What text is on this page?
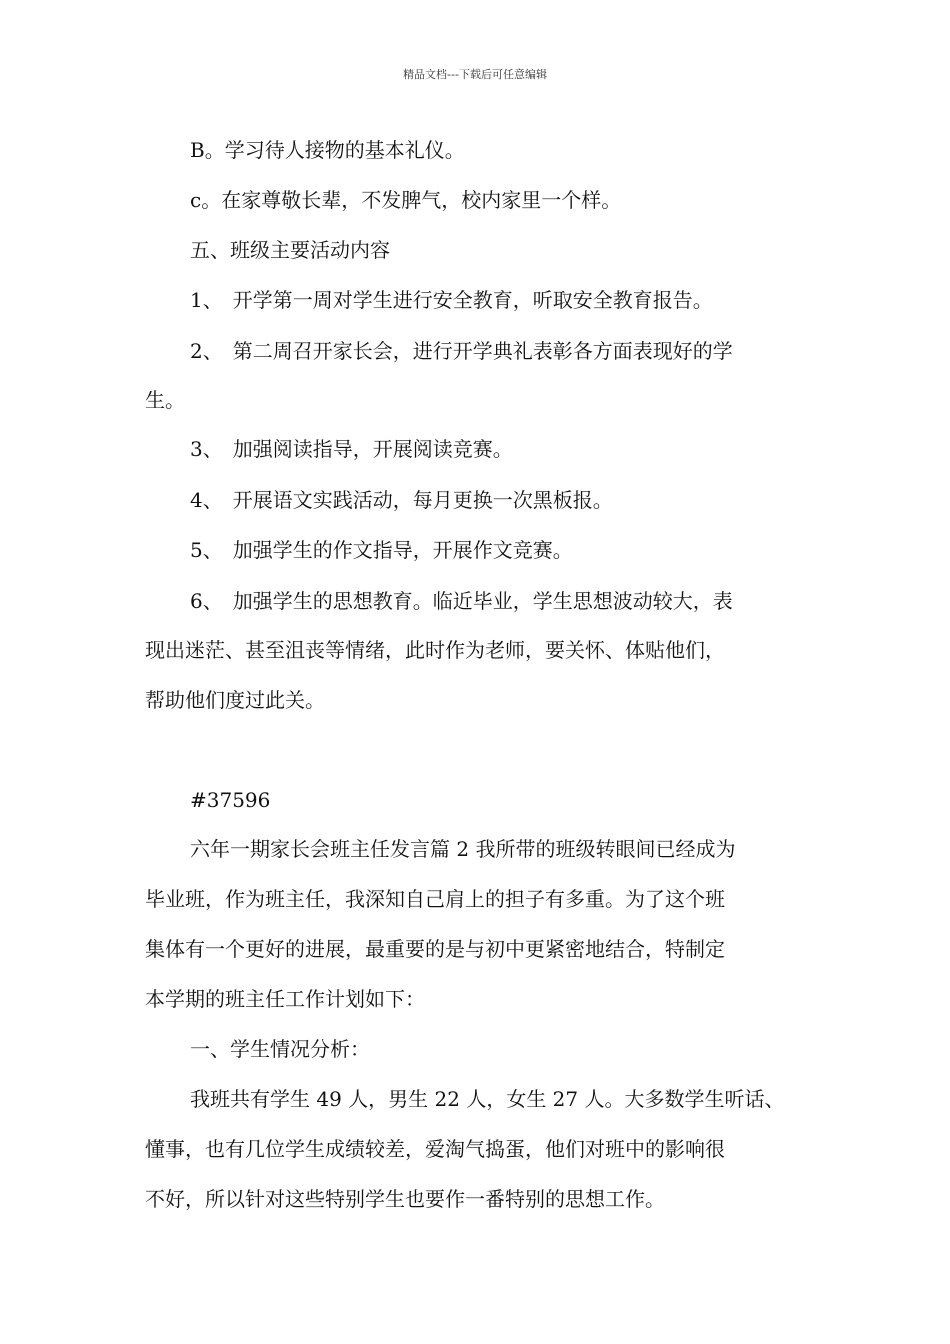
精品文档---下载后可任意编辑
B。学习待人接物的基本礼仪。
c。在家尊敬长辈，不发脾气，校内家里一个样。
五、班级主要活动内容
1、　开学第一周对学生进行安全教育，听取安全教育报告。
2、　第二周召开家长会，进行开学典礼表彰各方面表现好的学
生。
3、　加强阅读指导，开展阅读竞赛。
4、　开展语文实践活动，每月更换一次黑板报。
5、　加强学生的作文指导，开展作文竞赛。
6、　加强学生的思想教育。临近毕业，学生思想波动较大，表
现出迷茫、甚至沮丧等情绪，此时作为老师，要关怀、体贴他们，
帮助他们度过此关。
#37596
六年一期家长会班主任发言篇 2 我所带的班级转眼间已经成为
毕业班，作为班主任，我深知自己肩上的担子有多重。为了这个班
集体有一个更好的进展，最重要的是与初中更紧密地结合，特制定
本学期的班主任工作计划如下：
一、学生情况分析：
我班共有学生 49 人，男生 22 人，女生 27 人。大多数学生听话、
懂事，也有几位学生成绩较差，爱淘气捣蛋，他们对班中的影响很
不好，所以针对这些特别学生也要作一番特别的思想工作。
